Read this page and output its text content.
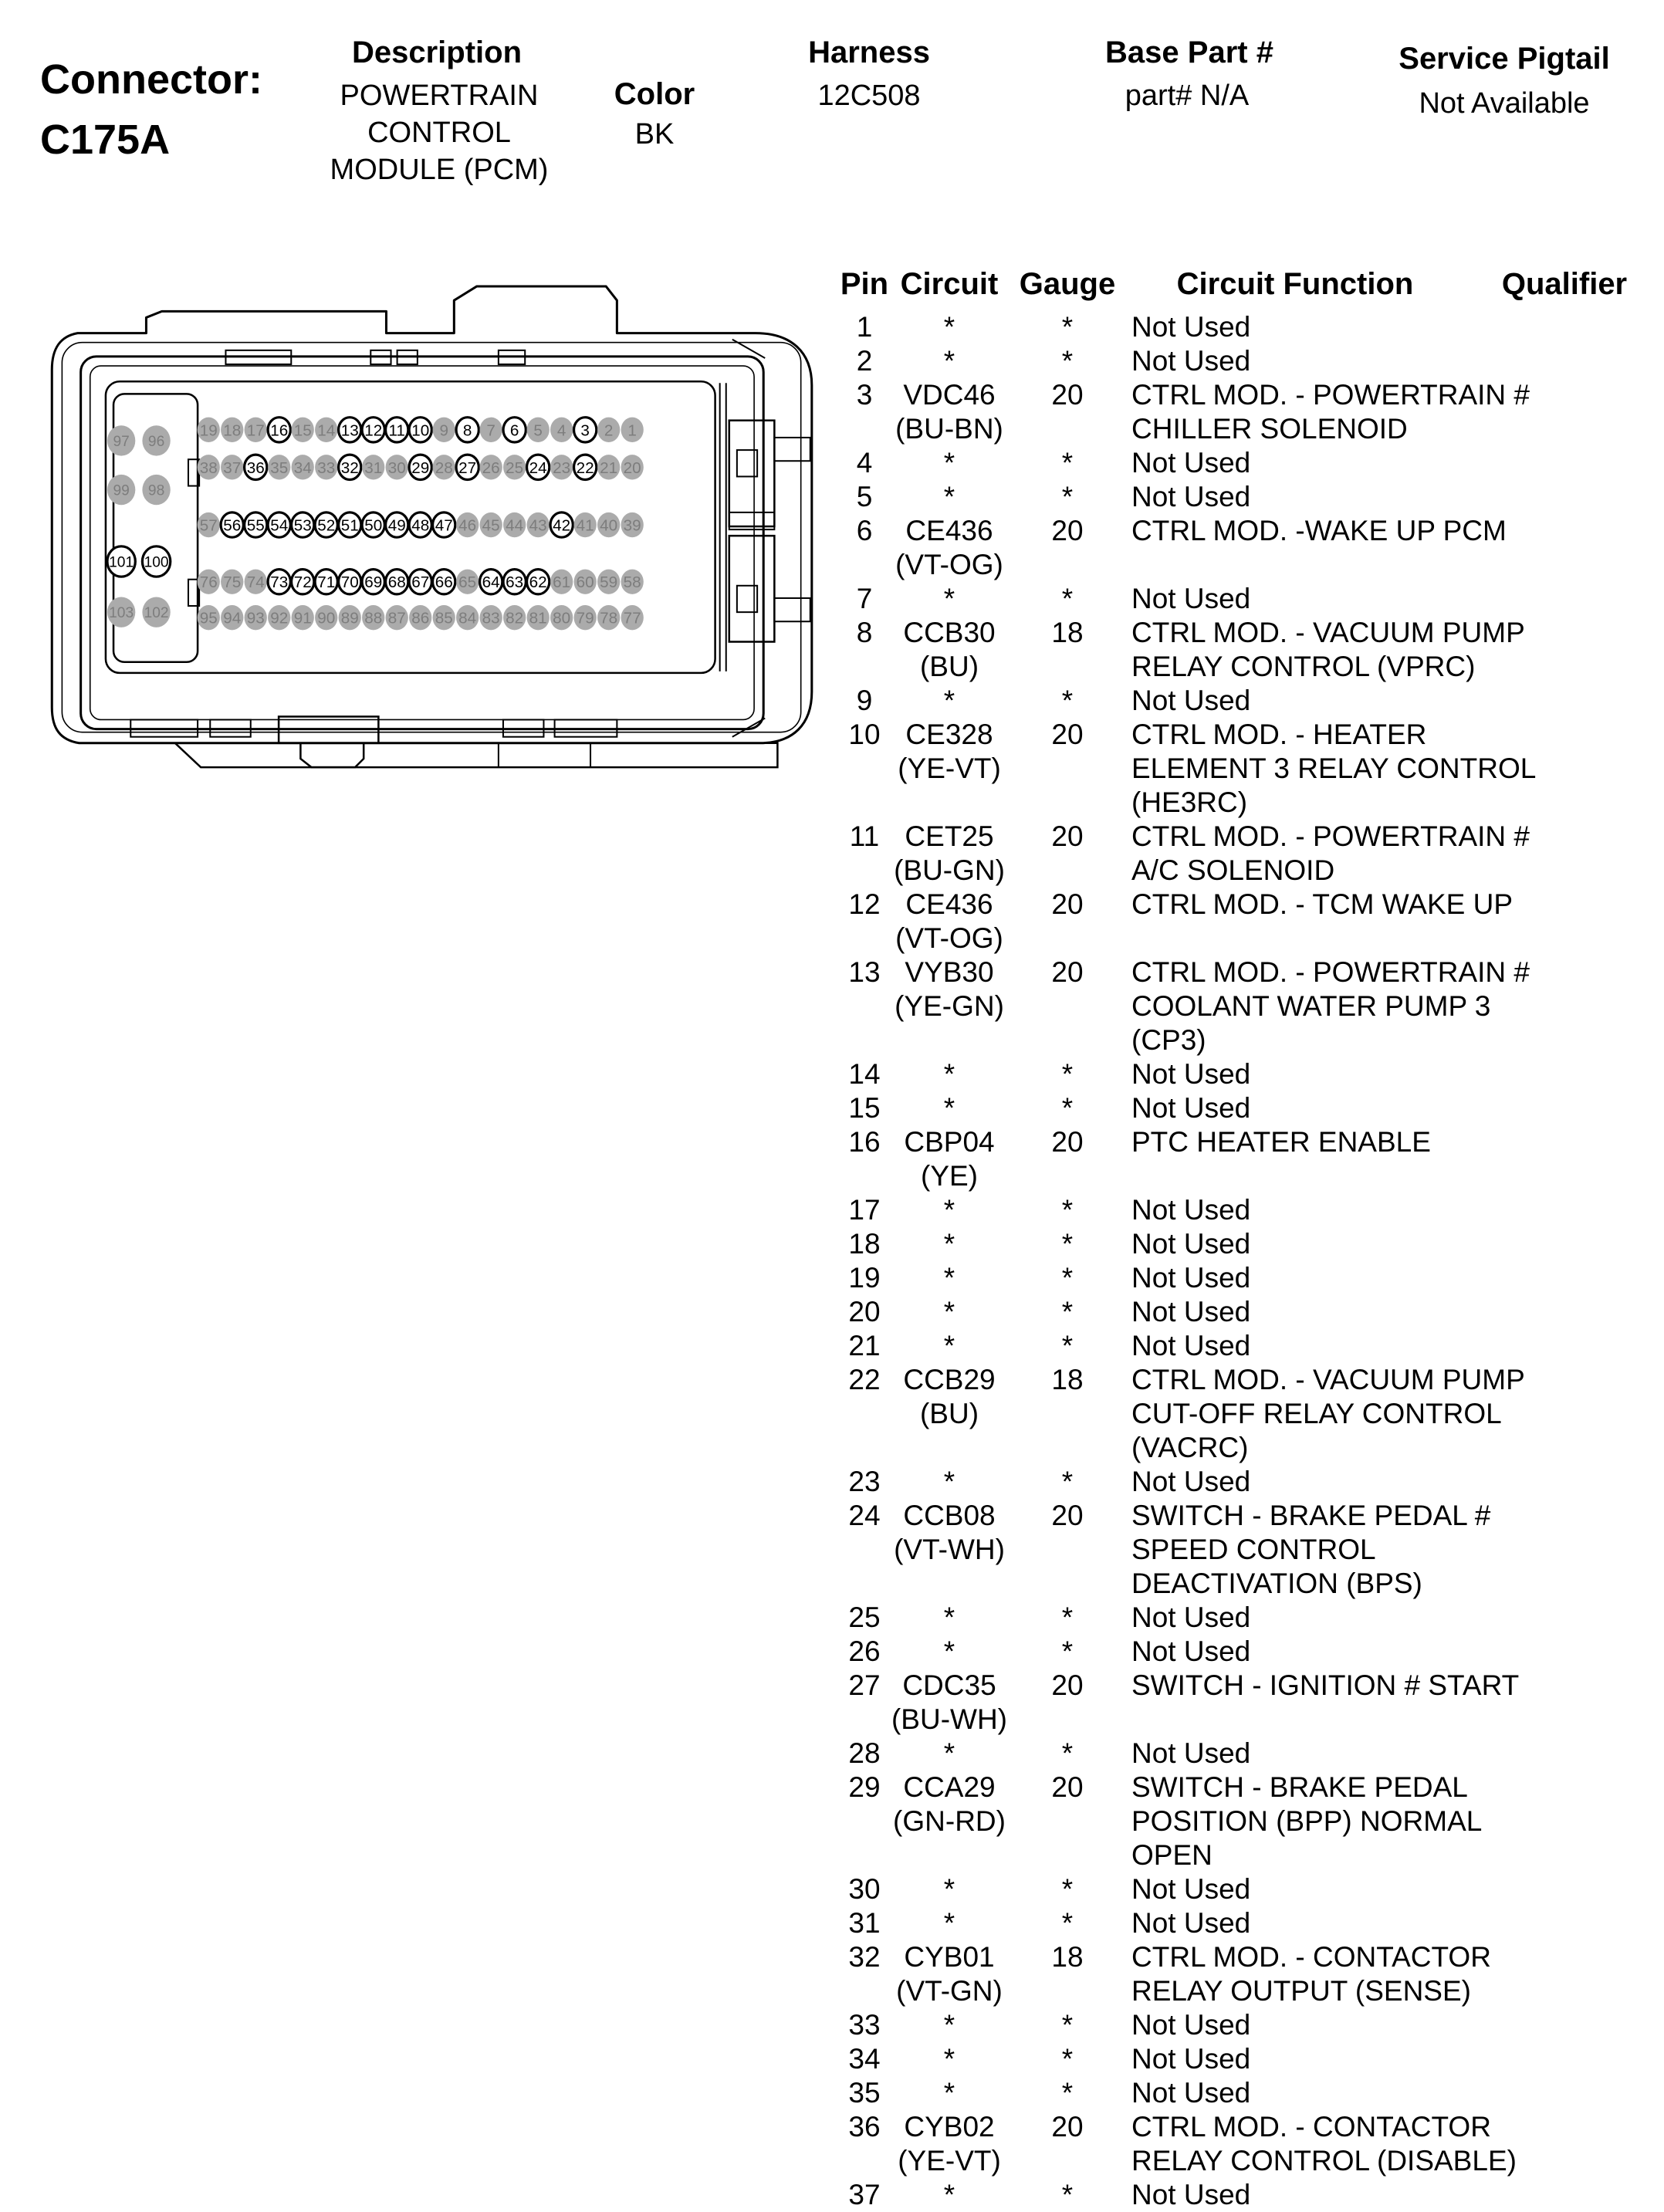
Connector:
C175A
Description
POWERTRAIN
CONTROL
MODULE (PCM)
Color
BK
Harness
12C508
Base Part #
part# N/A
Service Pigtail
Not Available
19 18 17 16 15 14 13 12 11 10 9 8 7 6 5 4 3 2 1
38 37 36 35 34 33 32 31 30 29 28 27 26 25 24 23 22 21 20
57 56 55 54 53 52 51 50 49 48 47 46 45 44 43 42 41 40 39
76 75 74 73 72 71 70 69 68 67 66 65 64 63 62 61 60 59 58
95 94 93 92 91 90 89 88 87 86 85 84 83 82 81 80 79 78 77
97 96
99 98
101 100
103 102
Pin Circuit Gauge	Circuit Function	Qualifier
1	*	*	Not Used
2	*	*	Not Used
3	VDC46
(BU-BN)
20	CTRL MOD. - POWERTRAIN #
CHILLER SOLENOID
4	*	*	Not Used
5	*	*	Not Used
6	CE436
(VT-OG)
20	CTRL MOD. -WAKE UP PCM
7	*	*	Not Used
8	CCB30
(BU)
18	CTRL MOD. - VACUUM PUMP
RELAY CONTROL (VPRC)
9	*	*	Not Used
10 CE328
(YE-VT)
20	CTRL MOD. - HEATER
ELEMENT 3 RELAY CONTROL
(HE3RC)
11 CET25
(BU-GN)
20	CTRL MOD. - POWERTRAIN #
A/C SOLENOID
12 CE436
(VT-OG)
20	CTRL MOD. - TCM WAKE UP
13 VYB30
(YE-GN)
20	CTRL MOD. - POWERTRAIN #
COOLANT WATER PUMP 3
(CP3)
14	*	*	Not Used
15	*	*	Not Used
16 CBP04
(YE)
20	PTC HEATER ENABLE
17	*	*	Not Used
18	*	*	Not Used
19	*	*	Not Used
20	*	*	Not Used
21	*	*	Not Used
22 CCB29
(BU)
18	CTRL MOD. - VACUUM PUMP
CUT-OFF RELAY CONTROL
(VACRC)
23	*	*	Not Used
24 CCB08
(VT-WH)
20	SWITCH - BRAKE PEDAL #
SPEED CONTROL
DEACTIVATION (BPS)
25	*	*	Not Used
26	*	*	Not Used
27 CDC35
(BU-WH)
20	SWITCH - IGNITION # START
28	*	*	Not Used
29 CCA29
(GN-RD)
20	SWITCH - BRAKE PEDAL
POSITION (BPP) NORMAL
OPEN
30	*	*	Not Used
31	*	*	Not Used
32 CYB01
(VT-GN)
18	CTRL MOD. - CONTACTOR
RELAY OUTPUT (SENSE)
33	*	*	Not Used
34	*	*	Not Used
35	*	*	Not Used
36 CYB02
(YE-VT)
20	CTRL MOD. - CONTACTOR
RELAY CONTROL (DISABLE)
37	*	*	Not Used
